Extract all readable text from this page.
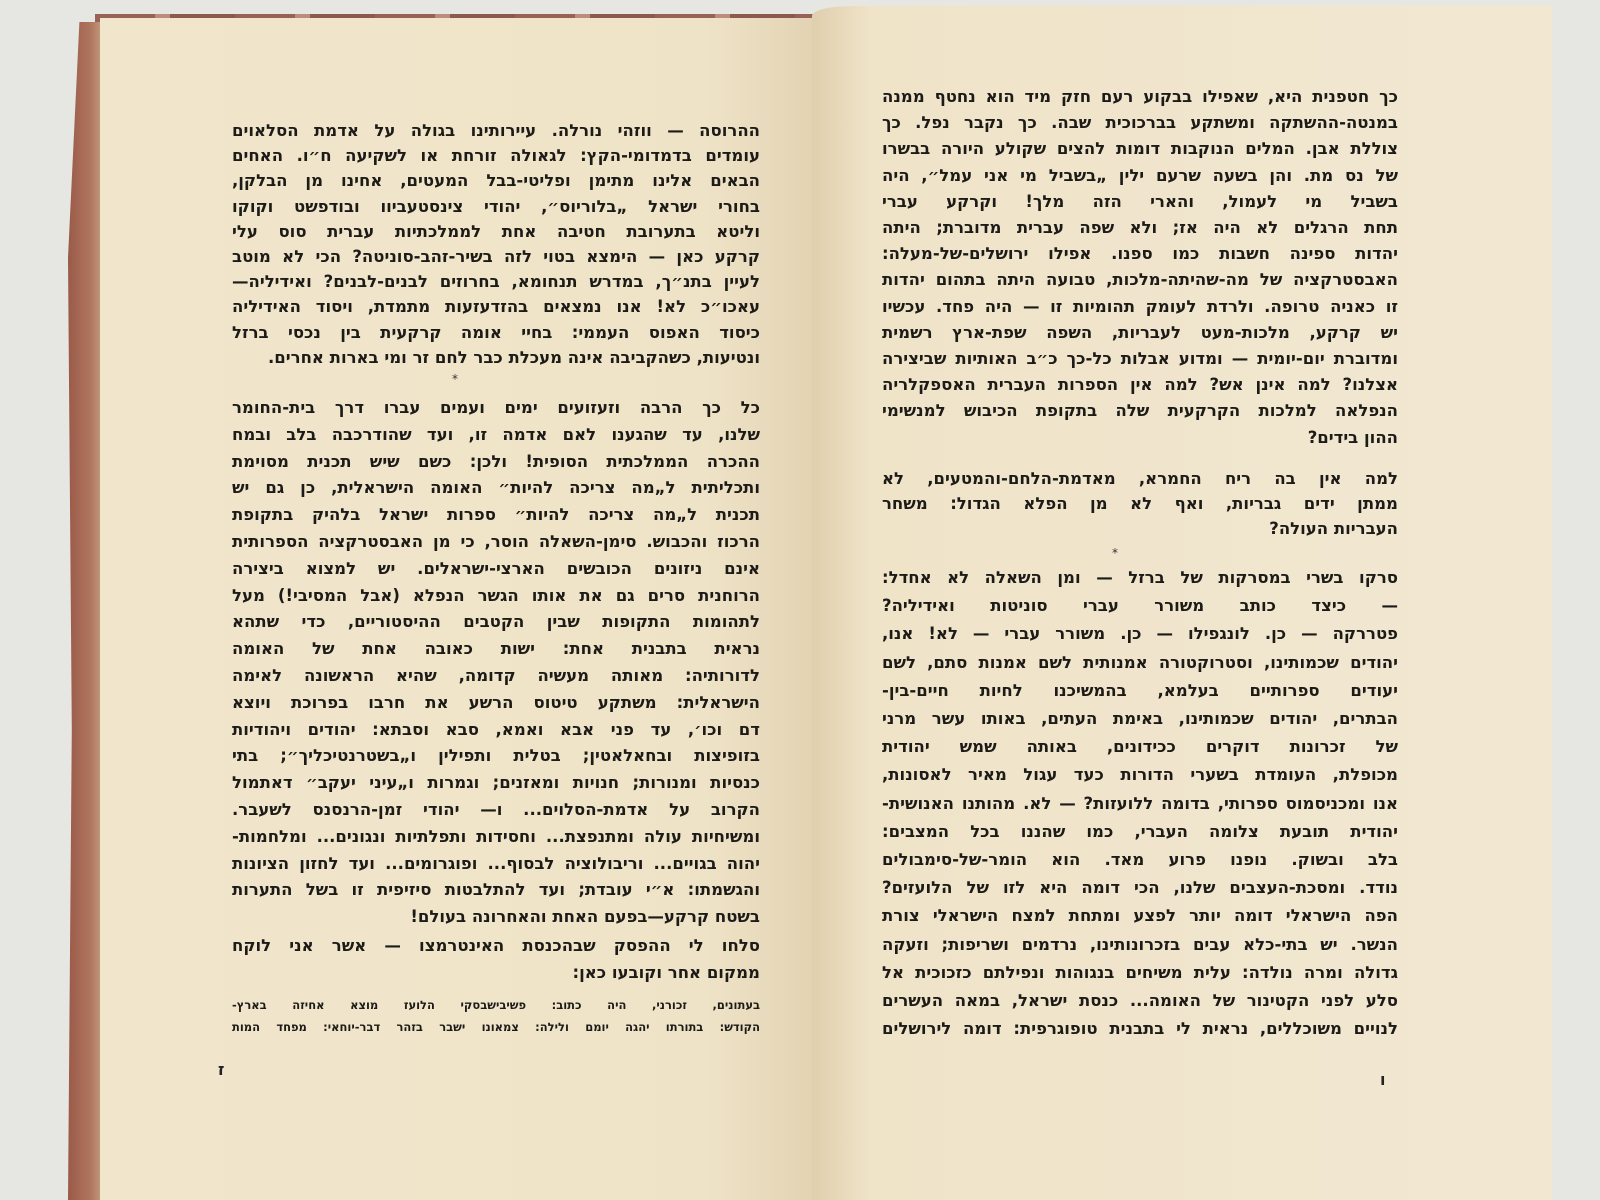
ההרוסה — ווזהי נורלה. עיירותינו בגולה על אדמת הסלאוים
עומדים בדמדומי-הקץ: לגאולה זורחת או לשקיעה ח״ו. האחים
הבאים אלינו מתימן ופליטי-בבל המעטים, אחינו מן הבלקן,
בחורי ישראל „בלוריוס״, יהודי צינסטעביוו ובודפשט וקוקו
וליטא בתערובת חטיבה אחת לממלכתיות עברית סוס עלי
קרקע כאן — הימצא בטוי לזה בשיר-זהב-סוניטה? הכי לא מוטב
לעיין בתנ״ך, במדרש תנחומא, בחרוזים לבנים-לבנים? ואידיליה—
עאכו״כ לא! אנו נמצאים בהזדעזעות מתמדת, ויסוד האידיליה
כיסוד האפוס העממי: בחיי אומה קרקעית בין נכסי ברזל
ונטיעות, כשהקביבה אינה מעכלת כבר לחם זר ומי בארות אחרים.
*
כל כך הרבה וזעזועים ימים ועמים עברו דרך בית-החומר
שלנו, עד שהגענו לאם אדמה זו, ועד שהודרכבה בלב ובמח
ההכרה הממלכתית הסופית! ולכן: כשם שיש תכנית מסוימת
ותכליתית ל„מה צריכה להיות״ האומה הישראלית, כן גם יש
תכנית ל„מה צריכה להיות״ ספרות ישראל בלהיק בתקופת
הרכוז והכבוש. סימן-השאלה הוסר, כי מן האבסטרקציה הספרותית
אינם ניזונים הכובשים הארצי-ישראלים. יש למצוא ביצירה
הרוחנית סרים גם את אותו הגשר הנפלא (אבל המסיבי!) מעל
לתהומות התקופות שבין הקטבים ההיסטוריים, כדי שתהא
נראית בתבנית אחת: ישות כאובה אחת של האומה
לדורותיה: מאותה מעשיה קדומה, שהיא הראשונה לאימה
הישראלית: משתקע טיטוס הרשע את חרבו בפרוכת ויוצא
דם וכו׳, עד פני אבא ואמא, סבא וסבתא: יהודים ויהודיות
בזופיצות ובחאלאטין; בטלית ותפילין ו„בשטרנטיכליך״; בתי
כנסיות ומנורות; חנויות ומאזנים; וגמרות ו„עיני יעקב״ דאתמול
הקרוב על אדמת-הסלוים... ו— יהודי זמן-הרנסנס לשעבר.
ומשיחיות עולה ומתנפצת... וחסידות ותפלתיות ונגונים... ומלחמות-
יהוה בגויים... וריבולוציה לבסוף... ופוגרומים... ועד לחזון הציונות
והגשמתו: א״י עובדת; ועד להתלבטות סיזיפית זו בשל התערות
בשטח קרקע—בפעם האחת והאחרונה בעולם!
סלחו לי ההפסק שבהכנסת האינטרמצו — אשר אני לוקח
ממקום אחר וקובעו כאן:
בעתונים, זכורני, היה כתוב: פשיבישבסקי הלועז מוצא אחיזה בארץ-
הקודש: בתורתו יהגה יומם ולילה: צמאונו ישבר בזהר דבר-יוחאי: מפחד המות
ז
כך חטפנית היא, שאפילו בבקוע רעם חזק מיד הוא נחטף ממנה
במנטה-ההשתקה ומשתקע בברכוכית שבה. כך נקבר נפל. כך
צוללת אבן. המלים הנוקבות דומות להצים שקולע היורה בבשרו
של נס מת. והן בשעה שרעם ילין „בשביל מי אני עמל״, היה
בשביל מי לעמול, והארי הזה מלך! וקרקע עברי
תחת הרגלים לא היה אז; ולא שפה עברית מדוברת; היתה
יהדות ספינה חשבות כמו ספנו. אפילו ירושלים-של-מעלה:
האבסטרקציה של מה-שהיתה-מלכות, טבועה היתה בתהום יהדות
זו כאניה טרופה. ולרדת לעומק תהומיות זו — היה פחד. עכשיו
יש קרקע, מלכות-מעט לעבריות, השפה שפת-ארץ רשמית
ומדוברת יום-יומית — ומדוע אבלות כל-כך כ״ב האותיות שביצירה
אצלנו? למה אינן אש? למה אין הספרות העברית האספקלריה
הנפלאה למלכות הקרקעית שלה בתקופת הכיבוש למנשימי
ההון בידים?
למה אין בה ריח החמרא, מאדמת-הלחם-והמטעים, לא
ממתן ידים גבריות, ואף לא מן הפלא הגדול: משחר
העבריות העולה?
*
סרקו בשרי במסרקות של ברזל — ומן השאלה לא אחדל:
— כיצד כותב משורר עברי סוניטות ואידיליה?
פטררקה — כן. לונגפילו — כן. משורר עברי — לא! אנו,
יהודים שכמותינו, וסטרוקטורה אמנותית לשם אמנות סתם, לשם
יעודים ספרותיים בעלמא, בהמשיכנו לחיות חיים-בין-
הבתרים, יהודים שכמותינו, באימת העתים, באותו עשר מרני
של זכרונות דוקרים ככידונים, באותה שמש יהודית
מכופלת, העומדת בשערי הדורות כעד עגול מאיר לאסונות,
אנו ומכניסמוס ספרותי, בדומה ללועזות? — לא. מהותנו האנושית-
יהודית תובעת צלומה העברי, כמו שהננו בכל המצבים:
בלב ובשוק. נופנו פרוע מאד. הוא הומר-של-סימבולים
נודד. ומסכת-העצבים שלנו, הכי דומה היא לזו של הלועזים?
הפה הישראלי דומה יותר לפצע ומתחת למצח הישראלי צורת
הנשר. יש בתי-כלא עבים בזכרונותינו, נרדמים ושריפות; וזעקה
גדולה ומרה נולדה: עלית משיחים בנגוהות ונפילתם כזכוכית אל
סלע לפני הקטינור של האומה... כנסת ישראל, במאה העשרים
לנויים משוכללים, נראית לי בתבנית טופוגרפית: דומה לירושלים
ו
